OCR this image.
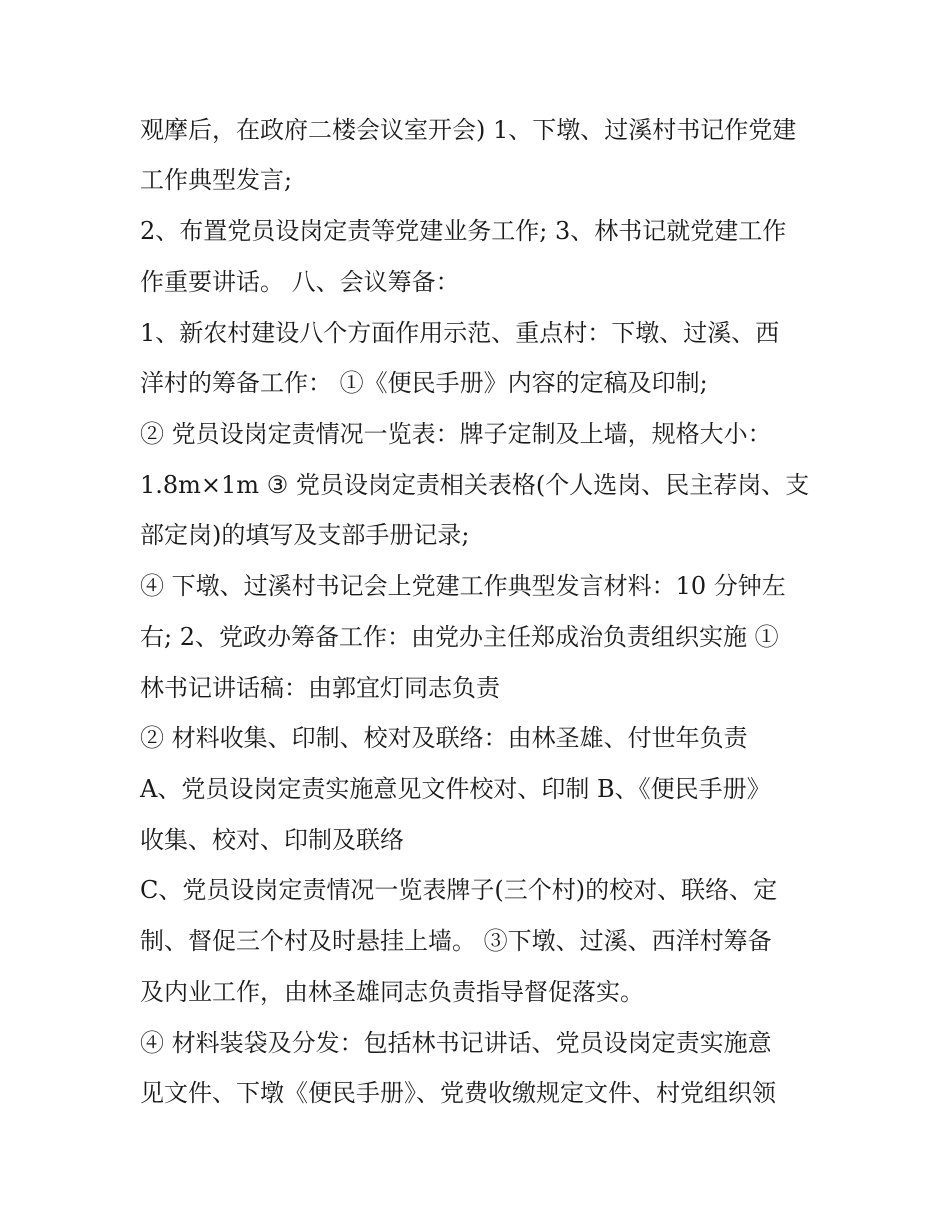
观摩后，在政府二楼会议室开会) 1、下墩、过溪村书记作党建
工作典型发言;
2、布置党员设岗定责等党建业务工作; 3、林书记就党建工作
作重要讲话。 八、会议筹备：
1、新农村建设八个方面作用示范、重点村：下墩、过溪、西
洋村的筹备工作： ①《便民手册》内容的定稿及印制;
② 党员设岗定责情况一览表：牌子定制及上墙，规格大小：
1.8m×1m ③ 党员设岗定责相关表格(个人选岗、民主荐岗、支
部定岗)的填写及支部手册记录;
④ 下墩、过溪村书记会上党建工作典型发言材料：10 分钟左
右; 2、党政办筹备工作：由党办主任郑成治负责组织实施 ①
林书记讲话稿：由郭宜灯同志负责
② 材料收集、印制、校对及联络：由林圣雄、付世年负责
A、党员设岗定责实施意见文件校对、印制 B、《便民手册》
收集、校对、印制及联络
C、党员设岗定责情况一览表牌子(三个村)的校对、联络、定
制、督促三个村及时悬挂上墙。 ③下墩、过溪、西洋村筹备
及内业工作，由林圣雄同志负责指导督促落实。
④ 材料装袋及分发：包括林书记讲话、党员设岗定责实施意
见文件、下墩《便民手册》、党费收缴规定文件、村党组织领
